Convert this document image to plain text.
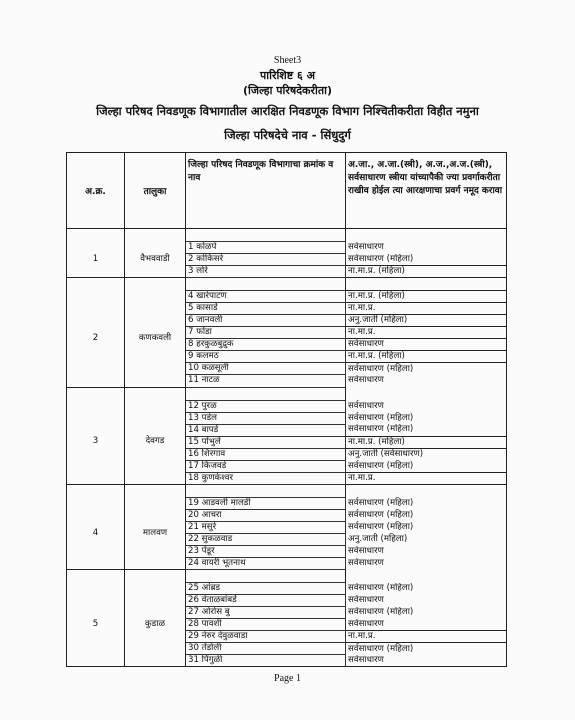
Sheet3
पारिशिष्ट ६ अ
(जिल्हा परिषदेकरीता)
जिल्हा परिषद निवडणूक विभागातील आरक्षित निवडणूक विभाग निश्चितीकरीता विहीत नमुना
जिल्हा परिषदेचे नाव - सिंधुदुर्ग
अ.क्र.	तालुका	जिल्हा परिषद निवडणूक विभागाचा क्रमांक व नाव	अ.जा., अ.जा.(स्त्री), अ.ज.,अ.ज.(स्त्री), सर्वसाधारण स्त्रीया यांच्यापैकी ज्या प्रवर्गाकरीता राखीव होईल त्या आरक्षणाचा प्रवर्ग नमूद करावा

1	वैभववाडी	1 कोळपे	सर्वसाधारण
		2 कोकिसरे	सर्वसाधारण (महिला)
		3 लोरे	ना.मा.प्र. (महिला)

2	कणकवली	4 खारेपाटण	ना.मा.प्र. (महिला)
		5 कासार्डे	ना.मा.प्र.
		6 जानवली	अनु.जाती (महिला)
		7 फोंडा	ना.मा.प्र.
		8 हरकुळबुद्रुक	सर्वसाधारण
		9 कलमठ	ना.मा.प्र. (महिला)
		10 कळसूली	सर्वसाधारण (महिला)
		11 नाटळ	सर्वसाधारण

3	देवगड	12 पुरळ	सर्वसाधारण
		13 पडेल	सर्वसाधारण (महिला)
		14 बापर्डे	सर्वसाधारण (महिला)
		15 पोंभुर्ले	ना.मा.प्र. (महिला)
		16 शिरगाव	अनु.जाती (सर्वसाधारण)
		17 किंजवडे	सर्वसाधारण (महिला)
		18 कुणकेश्वर	ना.मा.प्र.

4	मालवण	19 आडवली मालडी	सर्वसाधारण (महिला)
		20 आचरा	सर्वसाधारण (महिला)
		21 मसुरे	सर्वसाधारण (महिला)
		22 सुकळवाड	अनु.जाती (महिला)
		23 पेंडूर	सर्वसाधारण
		24 वायरी भूतनाथ	सर्वसाधारण

5	कुडाळ	25 आंब्रड	सर्वसाधारण (महिला)
		26 वेताळबांबर्डे	सर्वसाधारण
		27 ओरोस बु	सर्वसाधारण (महिला)
		28 पावशी	सर्वसाधारण
		29 नेरुर देवुळवाडा	ना.मा.प्र.
		30 तेंडोली	सर्वसाधारण (महिला)
		31 पिंगुळी	सर्वसाधारण
Page 1
